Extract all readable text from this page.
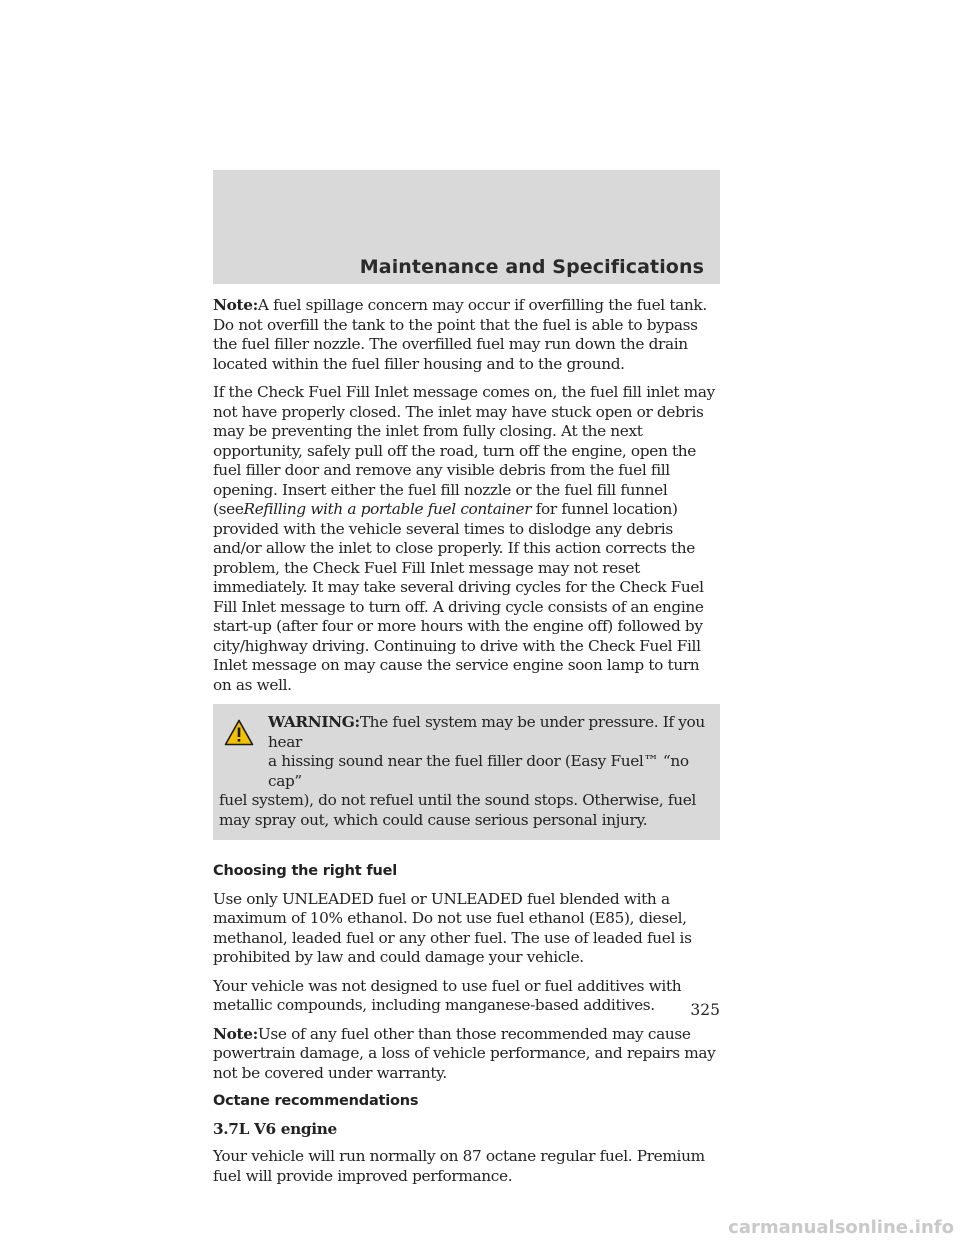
Maintenance and Specifications

Note:A fuel spillage concern may occur if overfilling the fuel tank. Do not overfill the tank to the point that the fuel is able to bypass the fuel filler nozzle. The overfilled fuel may run down the drain located within the fuel filler housing and to the ground.

If the Check Fuel Fill Inlet message comes on, the fuel fill inlet may not have properly closed. The inlet may have stuck open or debris may be preventing the inlet from fully closing. At the next opportunity, safely pull off the road, turn off the engine, open the fuel filler door and remove any visible debris from the fuel fill opening. Insert either the fuel fill nozzle or the fuel fill funnel (seeRefilling with a portable fuel container for funnel location) provided with the vehicle several times to dislodge any debris and/or allow the inlet to close properly. If this action corrects the problem, the Check Fuel Fill Inlet message may not reset immediately. It may take several driving cycles for the Check Fuel Fill Inlet message to turn off. A driving cycle consists of an engine start-up (after four or more hours with the engine off) followed by city/highway driving. Continuing to drive with the Check Fuel Fill Inlet message on may cause the service engine soon lamp to turn on as well.

WARNING:The fuel system may be under pressure. If you hear

a hissing sound near the fuel filler door (Easy Fuel™ “no cap”

fuel system), do not refuel until the sound stops. Otherwise, fuel may spray out, which could cause serious personal injury.

Choosing the right fuel

Use only UNLEADED fuel or UNLEADED fuel blended with a maximum of 10% ethanol. Do not use fuel ethanol (E85), diesel, methanol, leaded fuel or any other fuel. The use of leaded fuel is prohibited by law and could damage your vehicle.

Your vehicle was not designed to use fuel or fuel additives with metallic compounds, including manganese-based additives.

Note:Use of any fuel other than those recommended may cause powertrain damage, a loss of vehicle performance, and repairs may not be covered under warranty.

Octane recommendations

3.7L V6 engine

Your vehicle will run normally on 87 octane regular fuel. Premium fuel will provide improved performance.

325
carmanualsonline.info
